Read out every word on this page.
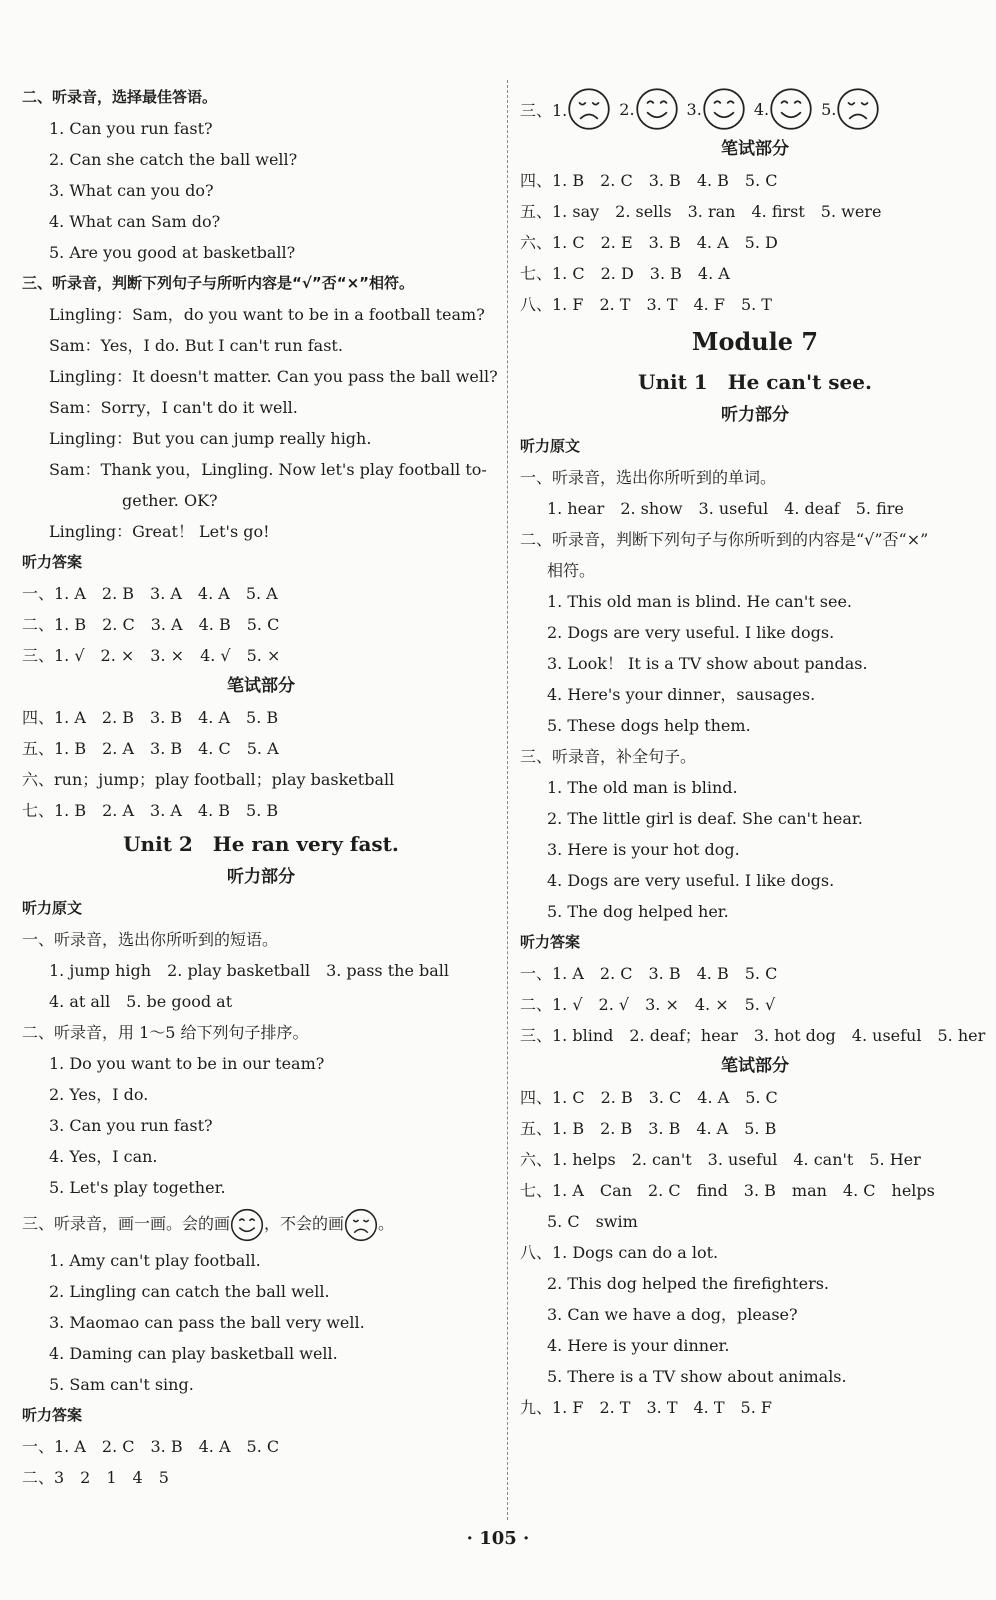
二、听录音，选择最佳答语。
1. Can you run fast?
2. Can she catch the ball well?
3. What can you do?
4. What can Sam do?
5. Are you good at basketball?
三、听录音，判断下列句子与所听内容是“√”否“×”相符。
Lingling：Sam，do you want to be in a football team?
Sam：Yes，I do. But I can't run fast.
Lingling：It doesn't matter. Can you pass the ball well?
Sam：Sorry，I can't do it well.
Lingling：But you can jump really high.
Sam：Thank you，Lingling. Now let's play football to-
gether. OK?
Lingling：Great！ Let's go!
听力答案
一、1. A　2. B　3. A　4. A　5. A
二、1. B　2. C　3. A　4. B　5. C
三、1. √　2. ×　3. ×　4. √　5. ×
笔试部分
四、1. A　2. B　3. B　4. A　5. B
五、1. B　2. A　3. B　4. C　5. A
六、run；jump；play football；play basketball
七、1. B　2. A　3. A　4. B　5. B
Unit 2　He ran very fast.
听力部分
听力原文
一、听录音，选出你所听到的短语。
1. jump high　2. play basketball　3. pass the ball
4. at all　5. be good at
二、听录音，用 1～5 给下列句子排序。
1. Do you want to be in our team?
2. Yes，I do.
3. Can you run fast?
4. Yes，I can.
5. Let's play together.
三、听录音，画一画。会的画 ，不会的画 。
1. Amy can't play football.
2. Lingling can catch the ball well.
3. Maomao can pass the ball very well.
4. Daming can play basketball well.
5. Sam can't sing.
听力答案
一、1. A　2. C　3. B　4. A　5. C
二、3　2　1　4　5
三、1.	2.	3.	4.	5.
笔试部分
四、1. B　2. C　3. B　4. B　5. C
五、1. say　2. sells　3. ran　4. first　5. were
六、1. C　2. E　3. B　4. A　5. D
七、1. C　2. D　3. B　4. A
八、1. F　2. T　3. T　4. F　5. T
Module 7
Unit 1　He can't see.
听力部分
听力原文
一、听录音，选出你所听到的单词。
1. hear　2. show　3. useful　4. deaf　5. fire
二、听录音，判断下列句子与你所听到的内容是“√”否“×”
相符。
1. This old man is blind. He can't see.
2. Dogs are very useful. I like dogs.
3. Look！ It is a TV show about pandas.
4. Here's your dinner，sausages.
5. These dogs help them.
三、听录音，补全句子。
1. The old man is blind.
2. The little girl is deaf. She can't hear.
3. Here is your hot dog.
4. Dogs are very useful. I like dogs.
5. The dog helped her.
听力答案
一、1. A　2. C　3. B　4. B　5. C
二、1. √　2. √　3. ×　4. ×　5. √
三、1. blind　2. deaf；hear　3. hot dog　4. useful　5. her
笔试部分
四、1. C　2. B　3. C　4. A　5. C
五、1. B　2. B　3. B　4. A　5. B
六、1. helps　2. can't　3. useful　4. can't　5. Her
七、1. A　Can　2. C　find　3. B　man　4. C　helps
5. C　swim
八、1. Dogs can do a lot.
2. This dog helped the firefighters.
3. Can we have a dog，please?
4. Here is your dinner.
5. There is a TV show about animals.
九、1. F　2. T　3. T　4. T　5. F
· 105 ·
